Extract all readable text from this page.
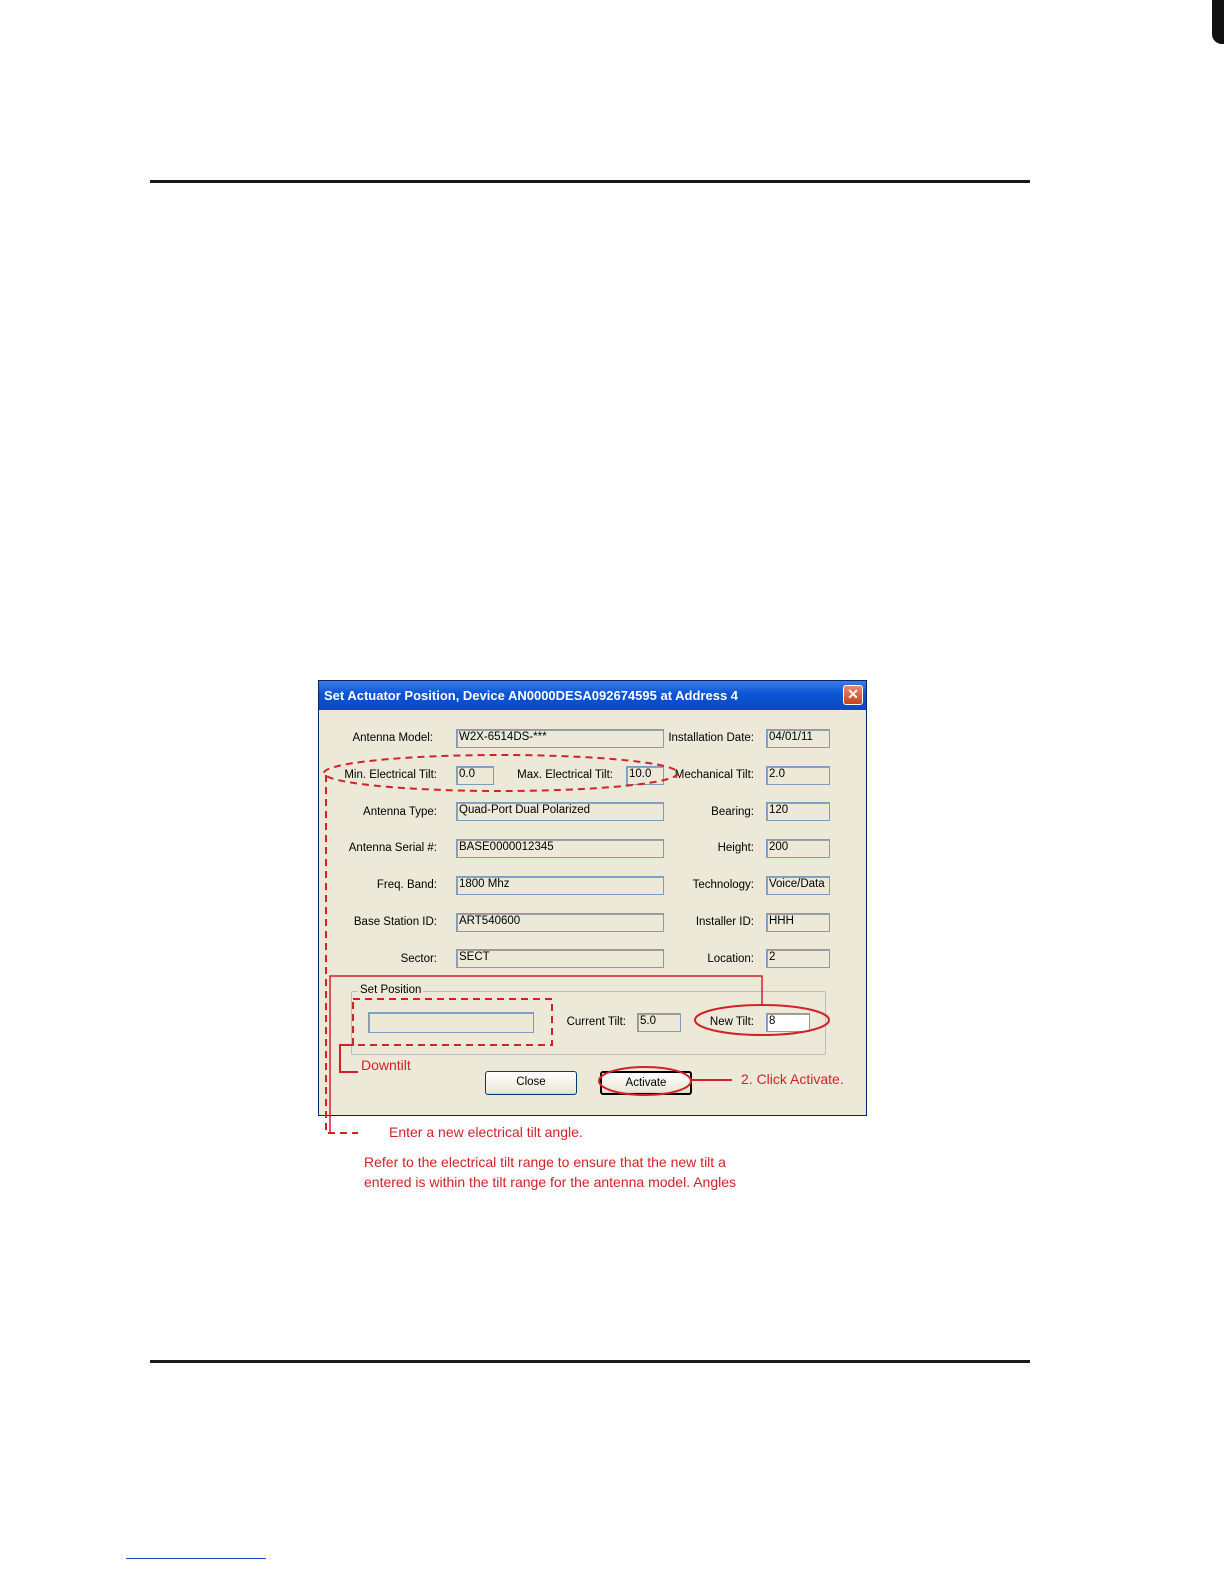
Set Actuator Position, Device AN0000DESA092674595 at Address 4	✕
Antenna Model: W2X-6514DS-***	Installation Date: 04/01/11
Min. Electrical Tilt: 0.0	Max. Electrical Tilt: 10.0	Mechanical Tilt: 2.0
Antenna Type: Quad-Port Dual Polarized	Bearing: 120
Antenna Serial #: BASE0000012345	Height: 200
Freq. Band: 1800 Mhz	Technology: Voice/Data
Base Station ID: ART540600	Installer ID: HHH
Sector: SECT	Location: 2
Set Position
Current Tilt: 5.0	New Tilt: 8
Close	Activate
Downtilt
2. Click Activate.
Enter a new electrical tilt angle.
Refer to the electrical tilt range to ensure that the new tilt a
entered is within the tilt range for the antenna model. Angles
